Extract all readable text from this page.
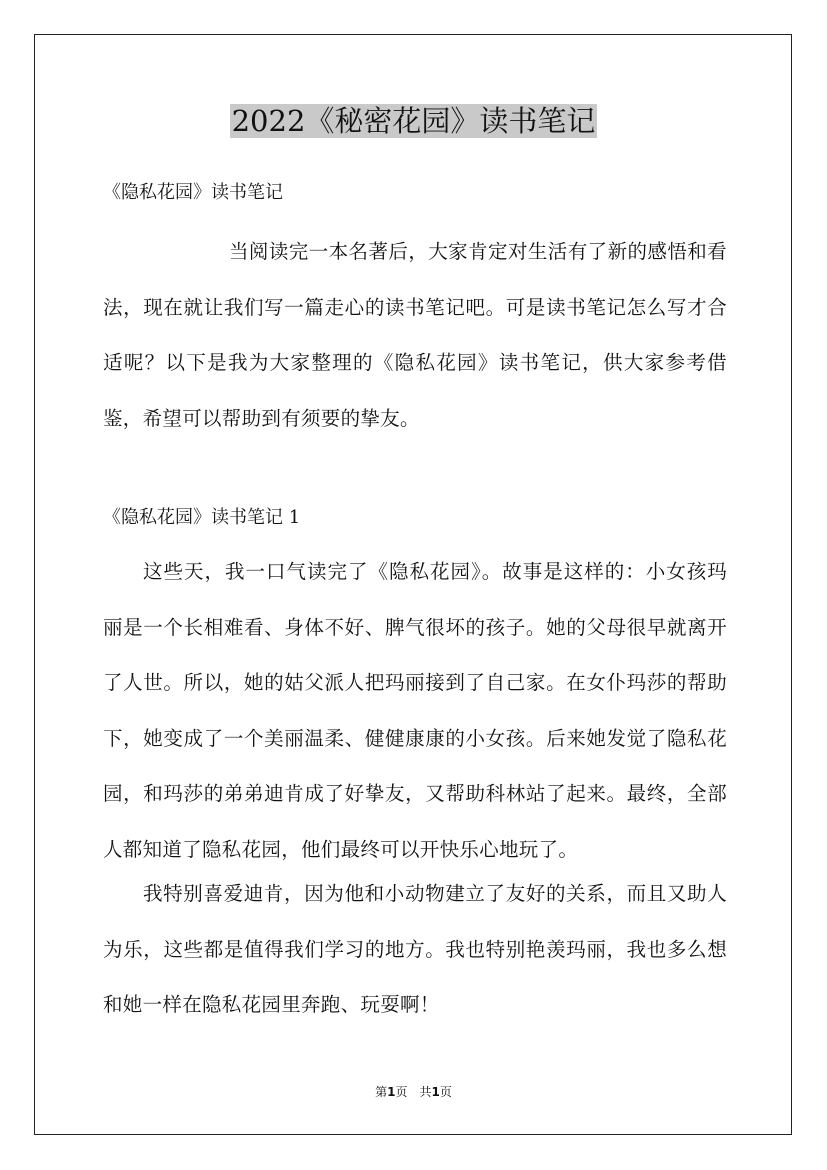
2022《秘密花园》读书笔记

《隐私花园》读书笔记

当阅读完一本名著后，大家肯定对生活有了新的感悟和看法，现在就让我们写一篇走心的读书笔记吧。可是读书笔记怎么写才合适呢？以下是我为大家整理的《隐私花园》读书笔记，供大家参考借鉴，希望可以帮助到有须要的挚友。

《隐私花园》读书笔记 1

这些天，我一口气读完了《隐私花园》。故事是这样的：小女孩玛丽是一个长相难看、身体不好、脾气很坏的孩子。她的父母很早就离开了人世。所以，她的姑父派人把玛丽接到了自己家。在女仆玛莎的帮助下，她变成了一个美丽温柔、健健康康的小女孩。后来她发觉了隐私花园，和玛莎的弟弟迪肯成了好挚友，又帮助科林站了起来。最终，全部人都知道了隐私花园，他们最终可以开快乐心地玩了。

我特别喜爱迪肯，因为他和小动物建立了友好的关系，而且又助人为乐，这些都是值得我们学习的地方。我也特别艳羡玛丽，我也多么想和她一样在隐私花园里奔跑、玩耍啊！

第1页　共1页
